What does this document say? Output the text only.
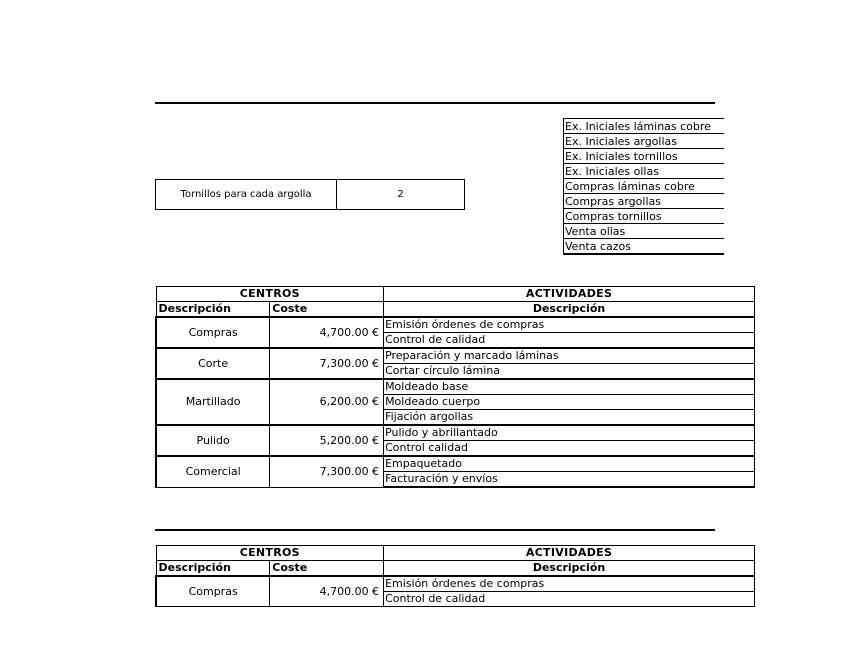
Tornillos para cada argolla	2
Ex. Iniciales láminas cobre
Ex. Iniciales argollas
Ex. Iniciales tornillos
Ex. Iniciales ollas
Compras láminas cobre
Compras argollas
Compras tornillos
Venta ollas
Venta cazos
CENTROS		ACTIVIDADES
Descripción	Coste	Descripción
Compras	4,700.00 €	Emisión órdenes de compras
		Control de calidad
Corte	7,300.00 €	Preparación y marcado láminas
		Cortar círculo lámina
Martillado	6,200.00 €	Moldeado base
		Moldeado cuerpo
		Fijación argollas
Pulido	5,200.00 €	Pulido y abrillantado
		Control calidad
Comercial	7,300.00 €	Empaquetado
		Facturación y envíos
CENTROS		ACTIVIDADES
Descripción	Coste	Descripción
Compras	4,700.00 €	Emisión órdenes de compras
		Control de calidad
